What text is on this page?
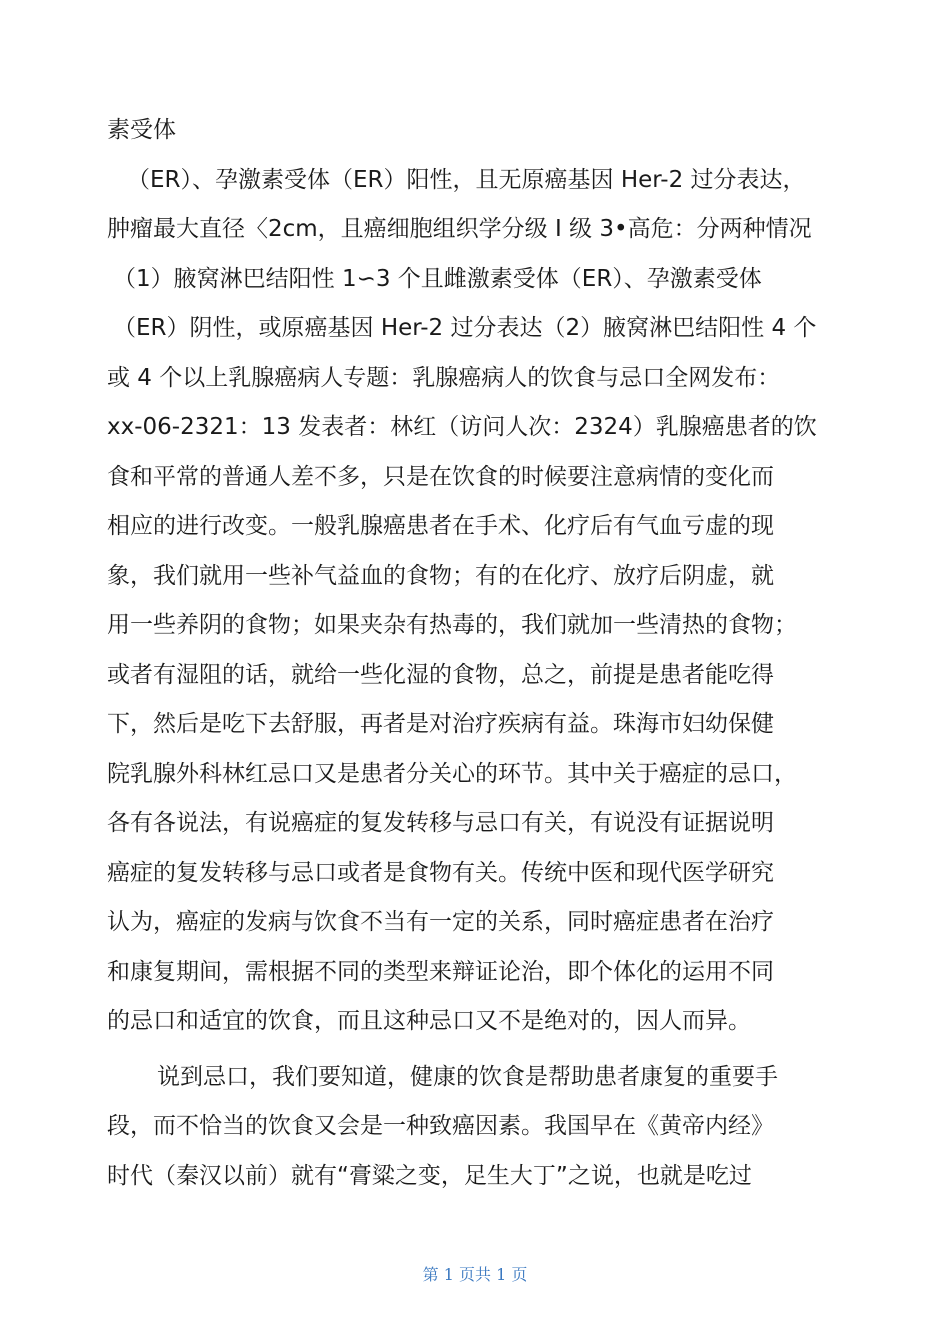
素受体
（ER）、孕激素受体（ER）阳性，且无原癌基因 Her-2 过分表达，
肿瘤最大直径〈2cm，且癌细胞组织学分级 I 级 3•高危：分两种情况
（1）腋窝淋巴结阳性 1∽3 个且雌激素受体（ER）、孕激素受体
（ER）阴性，或原癌基因 Her-2 过分表达（2）腋窝淋巴结阳性 4 个
或 4 个以上乳腺癌病人专题：乳腺癌病人的饮食与忌口全网发布：
xx-06-2321：13 发表者：林红（访问人次：2324）乳腺癌患者的饮
食和平常的普通人差不多，只是在饮食的时候要注意病情的变化而
相应的进行改变。一般乳腺癌患者在手术、化疗后有气血亏虚的现
象，我们就用一些补气益血的食物；有的在化疗、放疗后阴虚，就
用一些养阴的食物；如果夹杂有热毒的，我们就加一些清热的食物；
或者有湿阻的话，就给一些化湿的食物，总之，前提是患者能吃得
下，然后是吃下去舒服，再者是对治疗疾病有益。珠海市妇幼保健
院乳腺外科林红忌口又是患者分关心的环节。其中关于癌症的忌口，
各有各说法，有说癌症的复发转移与忌口有关，有说没有证据说明
癌症的复发转移与忌口或者是食物有关。传统中医和现代医学研究
认为，癌症的发病与饮食不当有一定的关系，同时癌症患者在治疗
和康复期间，需根据不同的类型来辩证论治，即个体化的运用不同
的忌口和适宜的饮食，而且这种忌口又不是绝对的，因人而异。
说到忌口，我们要知道，健康的饮食是帮助患者康复的重要手
段，而不恰当的饮食又会是一种致癌因素。我国早在《黄帝内经》
时代（秦汉以前）就有“膏粱之变，足生大丁”之说，也就是吃过
第 1 页共 1 页
